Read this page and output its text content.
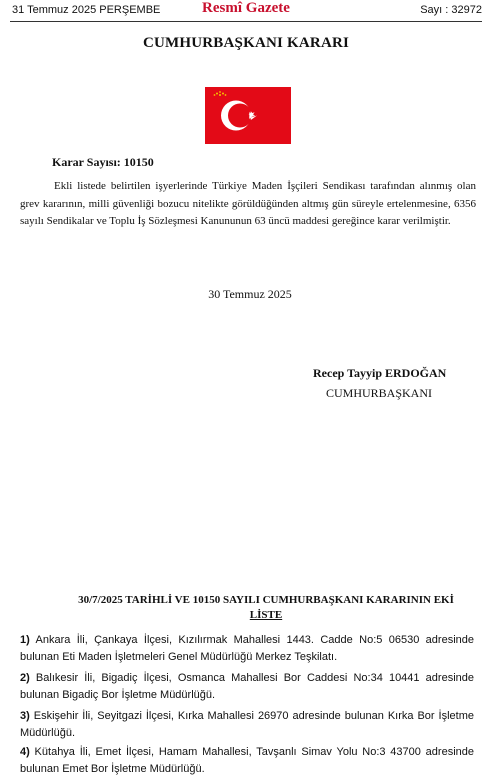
31 Temmuz 2025 PERŞEMBE	Resmî Gazete	Sayı : 32972
CUMHURBAŞKANI KARARI
Karar Sayısı: 10150
Ekli listede belirtilen işyerlerinde Türkiye Maden İşçileri Sendikası tarafından alınmış olan grev kararının, milli güvenliği bozucu nitelikte görüldüğünden altmış gün süreyle ertelenmesine, 6356 sayılı Sendikalar ve Toplu İş Sözleşmesi Kanununun 63 üncü maddesi gereğince karar verilmiştir.
30 Temmuz 2025
Recep Tayyip ERDOĞAN
CUMHURBAŞKANI
30/7/2025 TARİHLİ VE 10150 SAYILI CUMHURBAŞKANI KARARININ EKİ
LİSTE
1) Ankara İli, Çankaya İlçesi, Kızılırmak Mahallesi 1443. Cadde No:5 06530 adresinde bulunan Eti Maden İşletmeleri Genel Müdürlüğü Merkez Teşkilatı.
2) Balıkesir İli, Bigadiç İlçesi, Osmanca Mahallesi Bor Caddesi No:34 10441 adresinde bulunan Bigadiç Bor İşletme Müdürlüğü.
3) Eskişehir İli, Seyitgazi İlçesi, Kırka Mahallesi 26970 adresinde bulunan Kırka Bor İşletme Müdürlüğü.
4) Kütahya İli, Emet İlçesi, Hamam Mahallesi, Tavşanlı Simav Yolu No:3 43700 adresinde bulunan Emet Bor İşletme Müdürlüğü.
